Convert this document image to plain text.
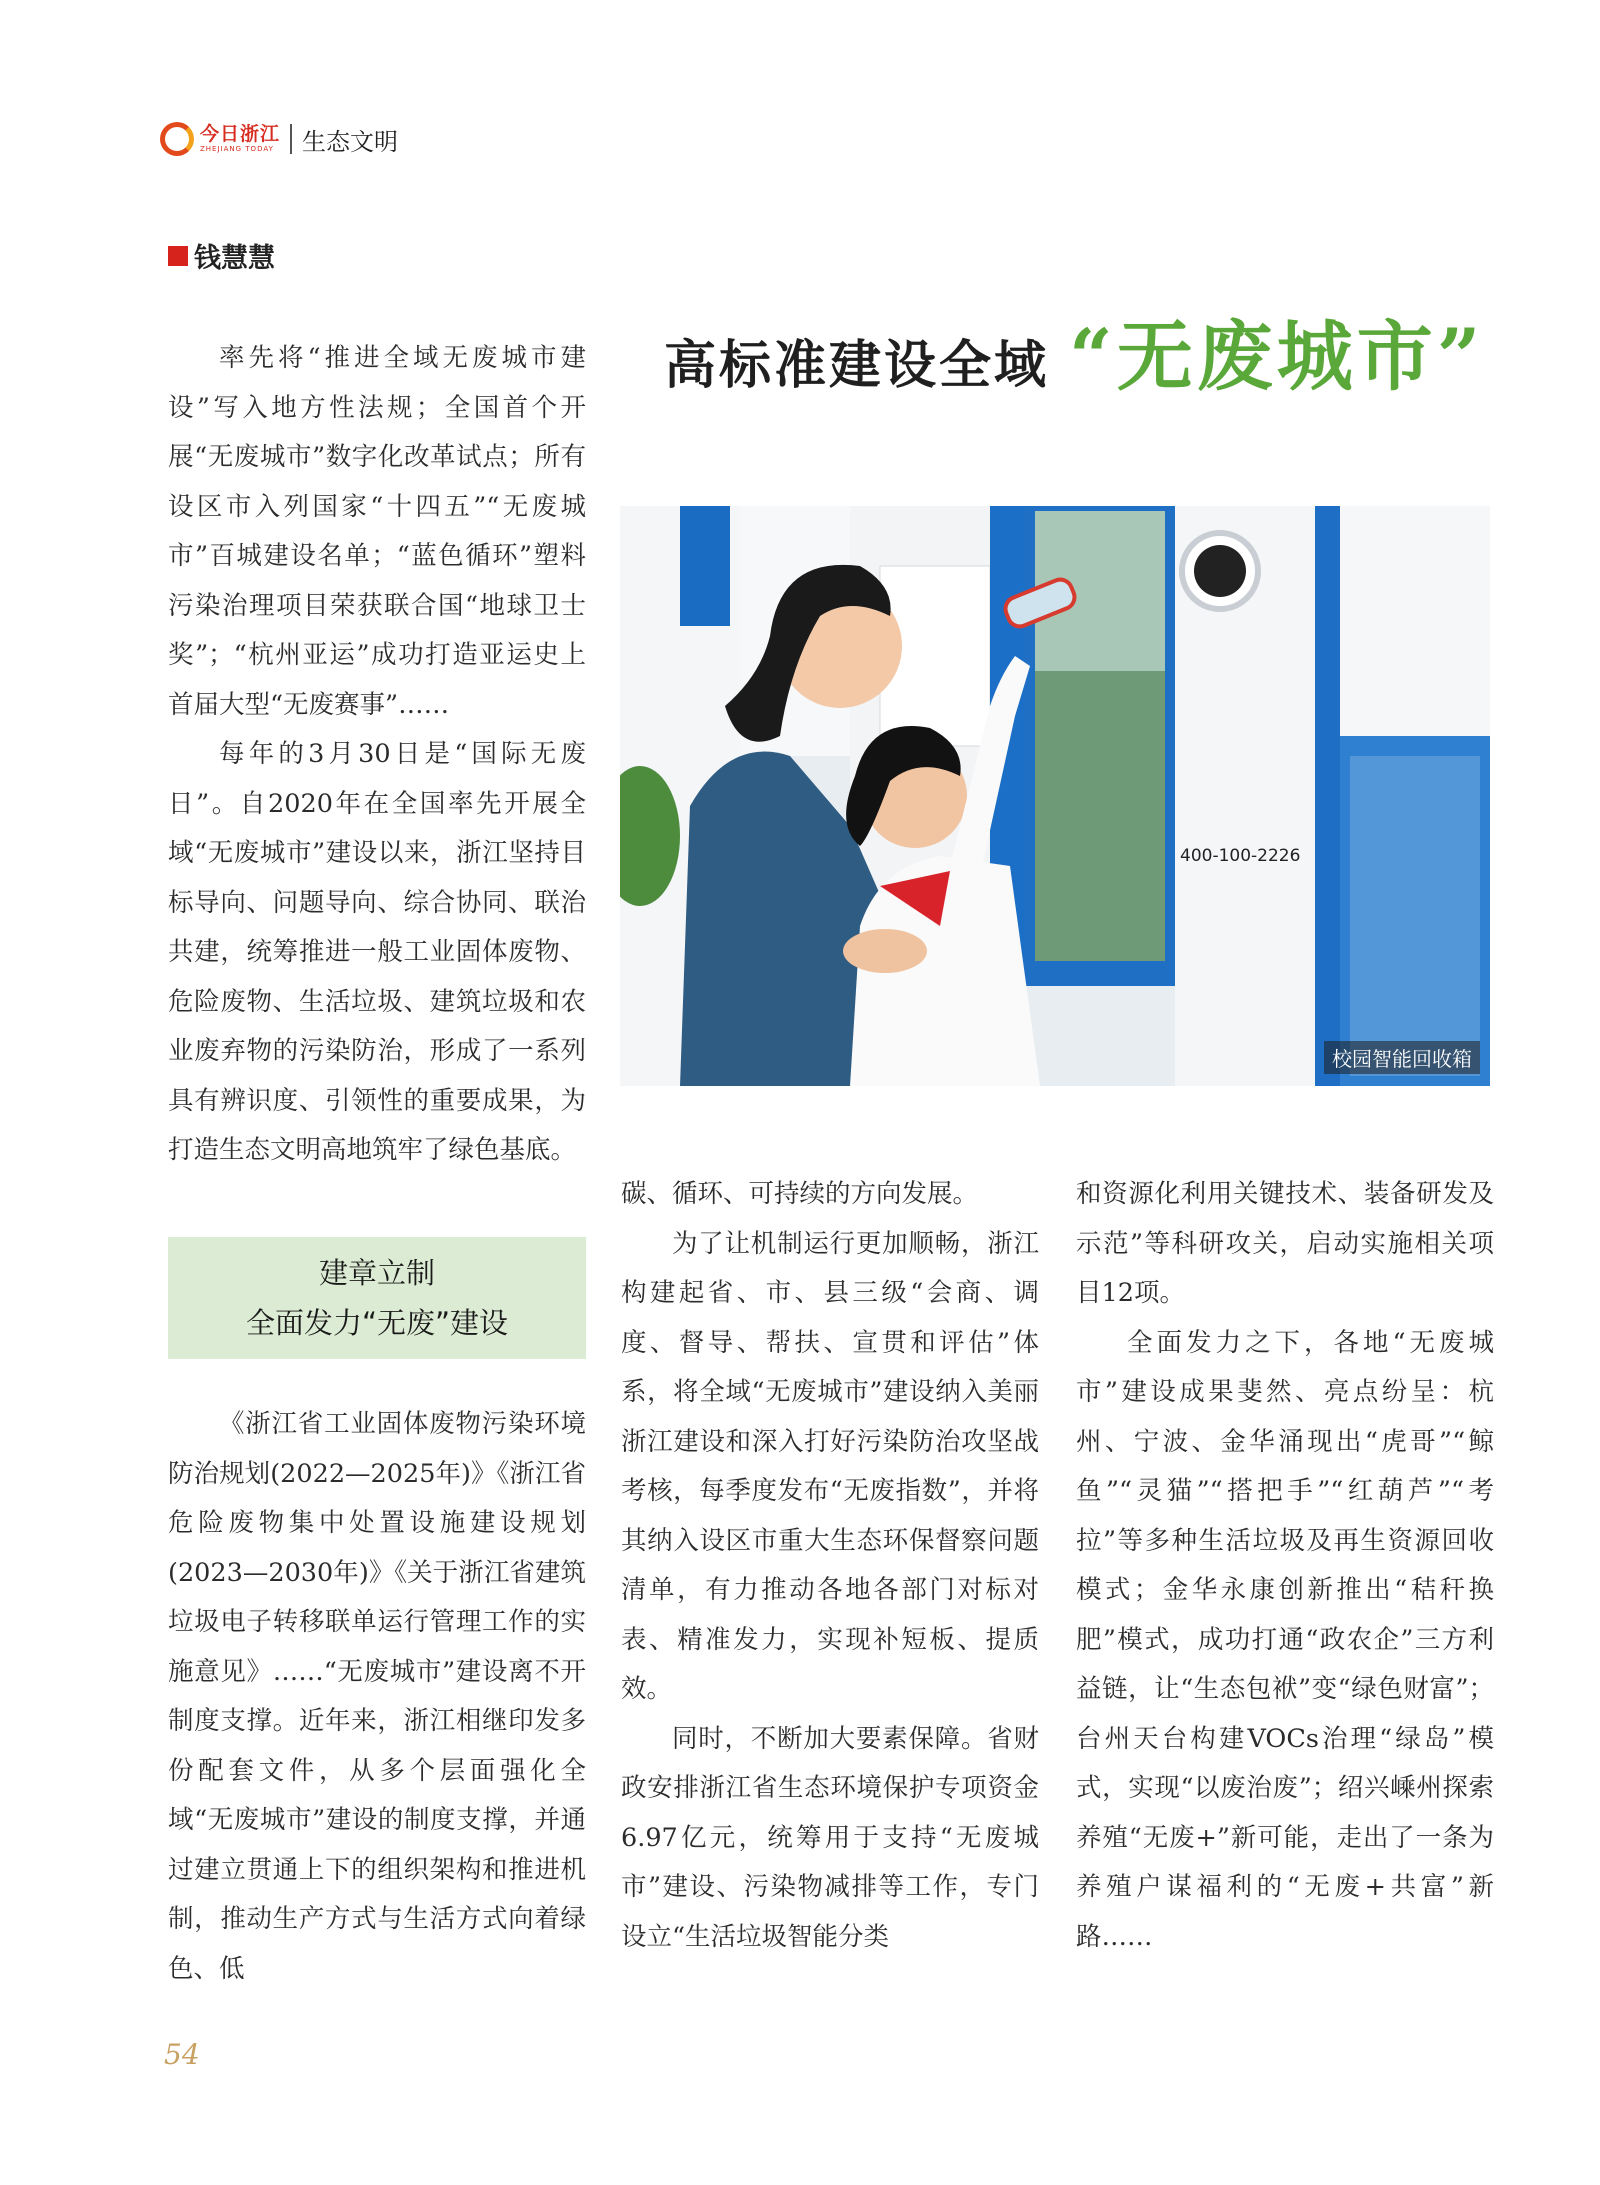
今日浙江
ZHEJIANG TODAY 生态文明
钱慧慧
高标准建设全域 “无废城市”
400-100-2226
校园智能回收箱

率先将“推进全域无废城市建设”写入地方性法规；全国首个开展“无废城市”数字化改革试点；所有设区市入列国家“十四五”“无废城市”百城建设名单；“蓝色循环”塑料污染治理项目荣获联合国“地球卫士奖”；“杭州亚运”成功打造亚运史上首届大型“无废赛事”……

每年的3月30日是“国际无废日”。自2020年在全国率先开展全域“无废城市”建设以来，浙江坚持目标导向、问题导向、综合协同、联治共建，统筹推进一般工业固体废物、危险废物、生活垃圾、建筑垃圾和农业废弃物的污染防治，形成了一系列具有辨识度、引领性的重要成果，为打造生态文明高地筑牢了绿色基底。

建章立制
全面发力“无废”建设

《浙江省工业固体废物污染环境防治规划(2022—2025年)》《浙江省危险废物集中处置设施建设规划(2023—2030年)》《关于浙江省建筑垃圾电子转移联单运行管理工作的实施意见》……“无废城市”建设离不开制度支撑。近年来，浙江相继印发多份配套文件，从多个层面强化全域“无废城市”建设的制度支撑，并通过建立贯通上下的组织架构和推进机制，推动生产方式与生活方式向着绿色、低

碳、循环、可持续的方向发展。

为了让机制运行更加顺畅，浙江构建起省、市、县三级“会商、调度、督导、帮扶、宣贯和评估”体系，将全域“无废城市”建设纳入美丽浙江建设和深入打好污染防治攻坚战考核，每季度发布“无废指数”，并将其纳入设区市重大生态环保督察问题清单，有力推动各地各部门对标对表、精准发力，实现补短板、提质效。

同时，不断加大要素保障。省财政安排浙江省生态环境保护专项资金6.97亿元，统筹用于支持“无废城市”建设、污染物减排等工作，专门设立“生活垃圾智能分类

和资源化利用关键技术、装备研发及示范”等科研攻关，启动实施相关项目12项。

全面发力之下，各地“无废城市”建设成果斐然、亮点纷呈：杭州、宁波、金华涌现出“虎哥”“鲸鱼”“灵猫”“搭把手”“红葫芦”“考拉”等多种生活垃圾及再生资源回收模式；金华永康创新推出“秸秆换肥”模式，成功打通“政农企”三方利益链，让“生态包袱”变“绿色财富”；台州天台构建VOCs治理“绿岛”模式，实现“以废治废”；绍兴嵊州探索养殖“无废+”新可能，走出了一条为养殖户谋福利的“无废+共富”新路……

54
